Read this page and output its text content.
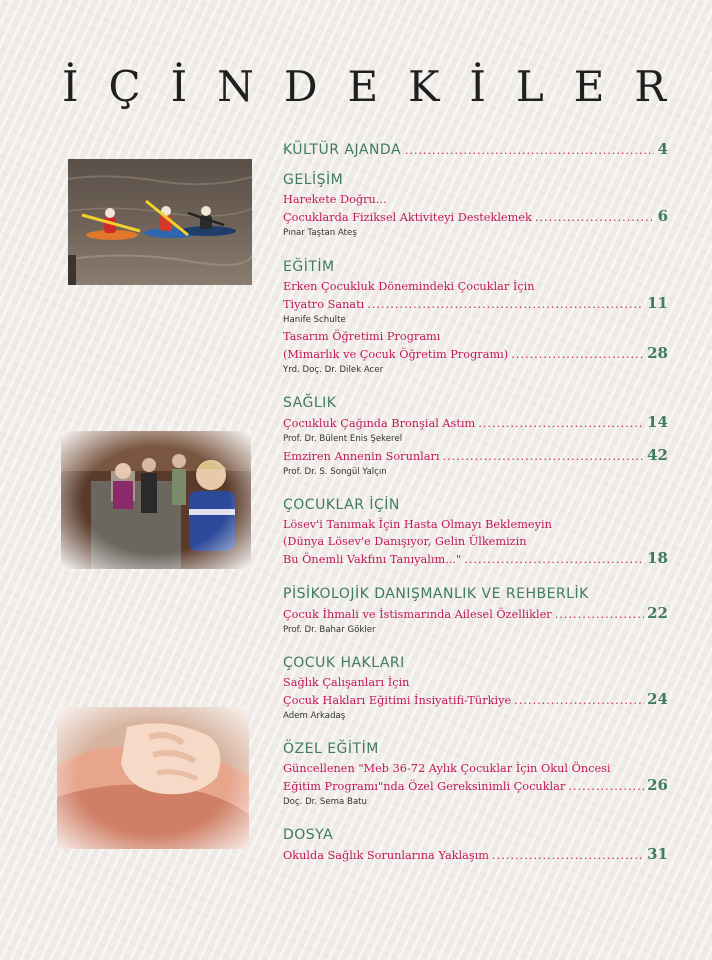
İ Ç İ N D E K İ L E R
KÜLTÜR AJANDA .....	4
GELİŞİM
Harekete Doğru...
Çocuklarda Fiziksel Aktiviteyi Desteklemek .....	6
Pınar Taştan Ateş
EĞİTİM
Erken Çocukluk Dönemindeki Çocuklar İçin
Tiyatro Sanatı .....	11
Hanife Schulte
Tasarım Öğretimi Programı
(Mimarlık ve Çocuk Öğretim Programı) .....	28
Yrd. Doç. Dr. Dilek Acer
SAĞLIK
Çocukluk Çağında Bronşial Astım .....	14
Prof. Dr. Bülent Enis Şekerel
Emziren Annenin Sorunları .....	42
Prof. Dr. S. Songül Yalçın
ÇOCUKLAR İÇİN
Lösev'i Tanımak İçin Hasta Olmayı Beklemeyin
(Dünya Lösev'e Danışıyor, Gelin Ülkemizin
Bu Önemli Vakfını Tanıyalım..." .....	18
PİSİKOLOJİK DANIŞMANLIK VE REHBERLİK
Çocuk İhmali ve İstismarında Ailesel Özellikler .....	22
Prof. Dr. Bahar Gökler
ÇOCUK HAKLARI
Sağlık Çalışanları İçin
Çocuk Hakları Eğitimi İnsiyatifi-Türkiye .....	24
Adem Arkadaş
ÖZEL EĞİTİM
Güncellenen "Meb 36-72 Aylık Çocuklar İçin Okul Öncesi
Eğitim Programı"nda Özel Gereksinimli Çocuklar .....	26
Doç. Dr. Sema Batu
DOSYA
Okulda Sağlık Sorunlarına Yaklaşım .....	31
